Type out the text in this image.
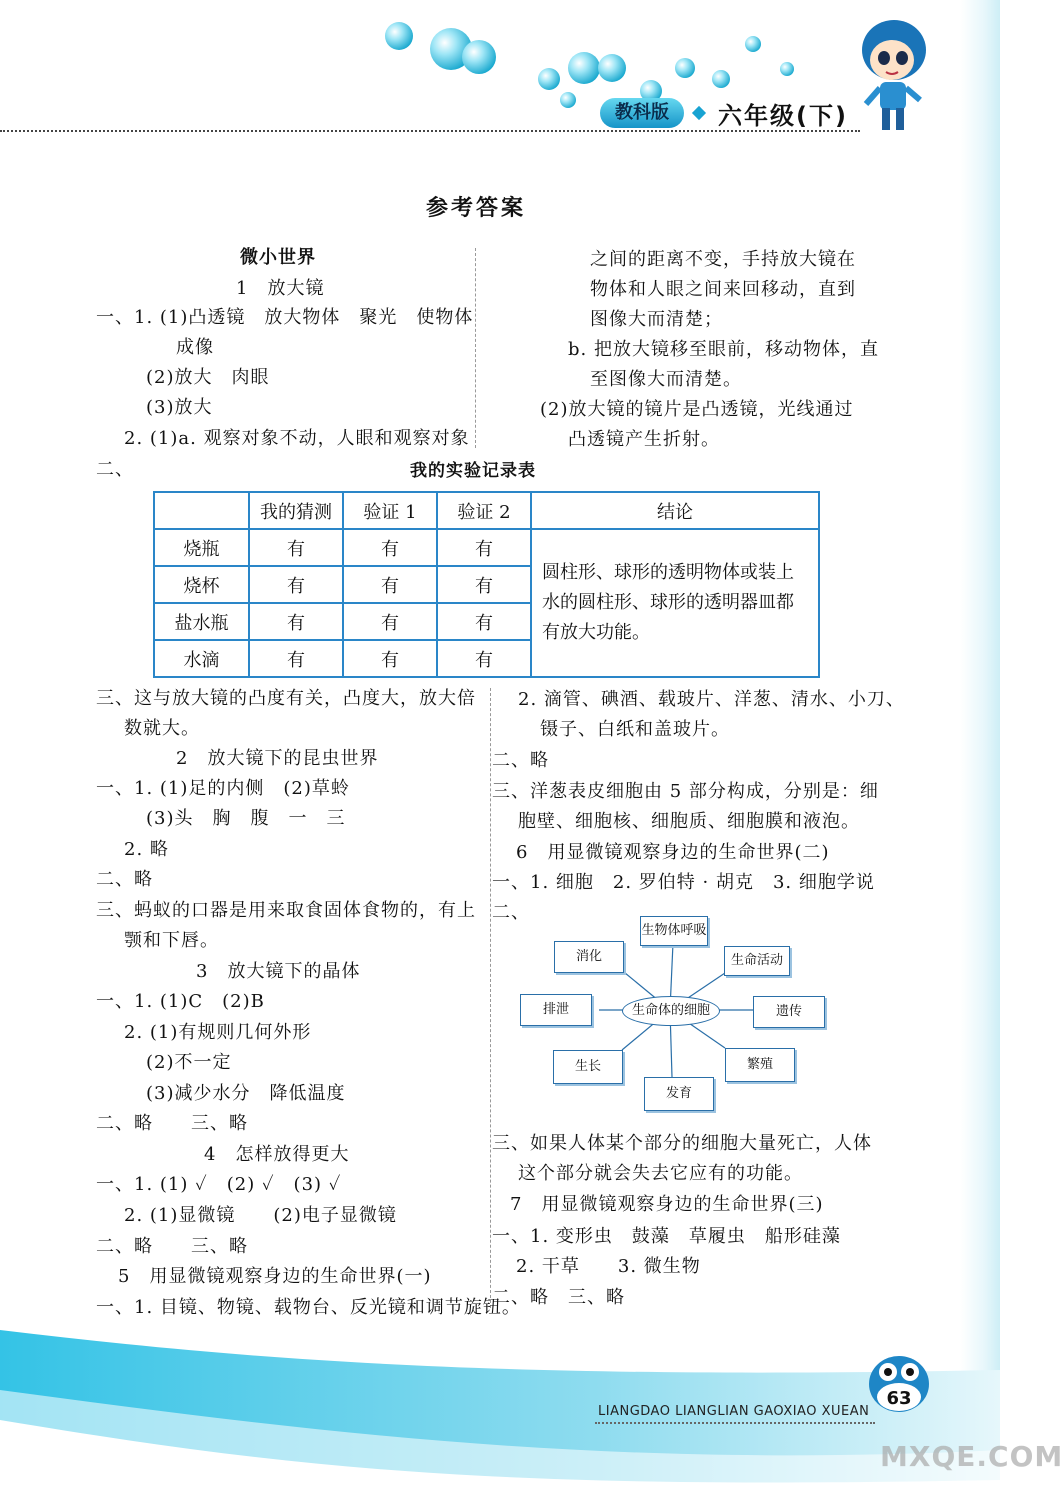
教科版	六年级(下)
参考答案
微小世界
1　放大镜
一、1. (1)凸透镜　放大物体　聚光　使物体
成像
(2)放大　肉眼
(3)放大
2. (1)a. 观察对象不动，人眼和观察对象
之间的距离不变，手持放大镜在
物体和人眼之间来回移动，直到
图像大而清楚；
b. 把放大镜移至眼前，移动物体，直
至图像大而清楚。
(2)放大镜的镜片是凸透镜，光线通过
凸透镜产生折射。
二、	我的实验记录表
	我的猜测	验证 1	验证 2	结论
烧瓶	有	有	有	圆柱形、球形的透明物体或装上水的圆柱形、球形的透明器皿都有放大功能。
烧杯	有	有	有	
盐水瓶	有	有	有	
水滴	有	有	有	
三、这与放大镜的凸度有关，凸度大，放大倍
数就大。
2　放大镜下的昆虫世界
一、1. (1)足的内侧　(2)草蛉
(3)头　胸　腹　一　三
2. 略
二、略
三、蚂蚁的口器是用来取食固体食物的，有上
颚和下唇。
3　放大镜下的晶体
一、1. (1)C　(2)B
2. (1)有规则几何外形
(2)不一定
(3)减少水分　降低温度
二、略　　三、略
4　怎样放得更大
一、1. (1) ✓　(2) ✓　(3) ✓
2. (1)显微镜　　(2)电子显微镜
二、略　　三、略
5　用显微镜观察身边的生命世界(一)
一、1. 目镜、物镜、载物台、反光镜和调节旋钮。
2. 滴管、碘酒、载玻片、洋葱、清水、小刀、
镊子、白纸和盖玻片。
二、略
三、洋葱表皮细胞由 5 部分构成，分别是：细
胞壁、细胞核、细胞质、细胞膜和液泡。
6　用显微镜观察身边的生命世界(二)
一、1. 细胞　2. 罗伯特 · 胡克　3. 细胞学说
二、
生物体呼吸
生命活动
遗传
繁殖
发育
生长
排泄
消化
生命体的细胞
三、如果人体某个部分的细胞大量死亡，人体
这个部分就会失去它应有的功能。
7　用显微镜观察身边的生命世界(三)
一、1. 变形虫　鼓藻　草履虫　船形硅藻
2. 干草　　3. 微生物
二、略　三、略
LIANGDAO LIANGLIAN GAOXIAO XUEAN
63
MXQE.COM
